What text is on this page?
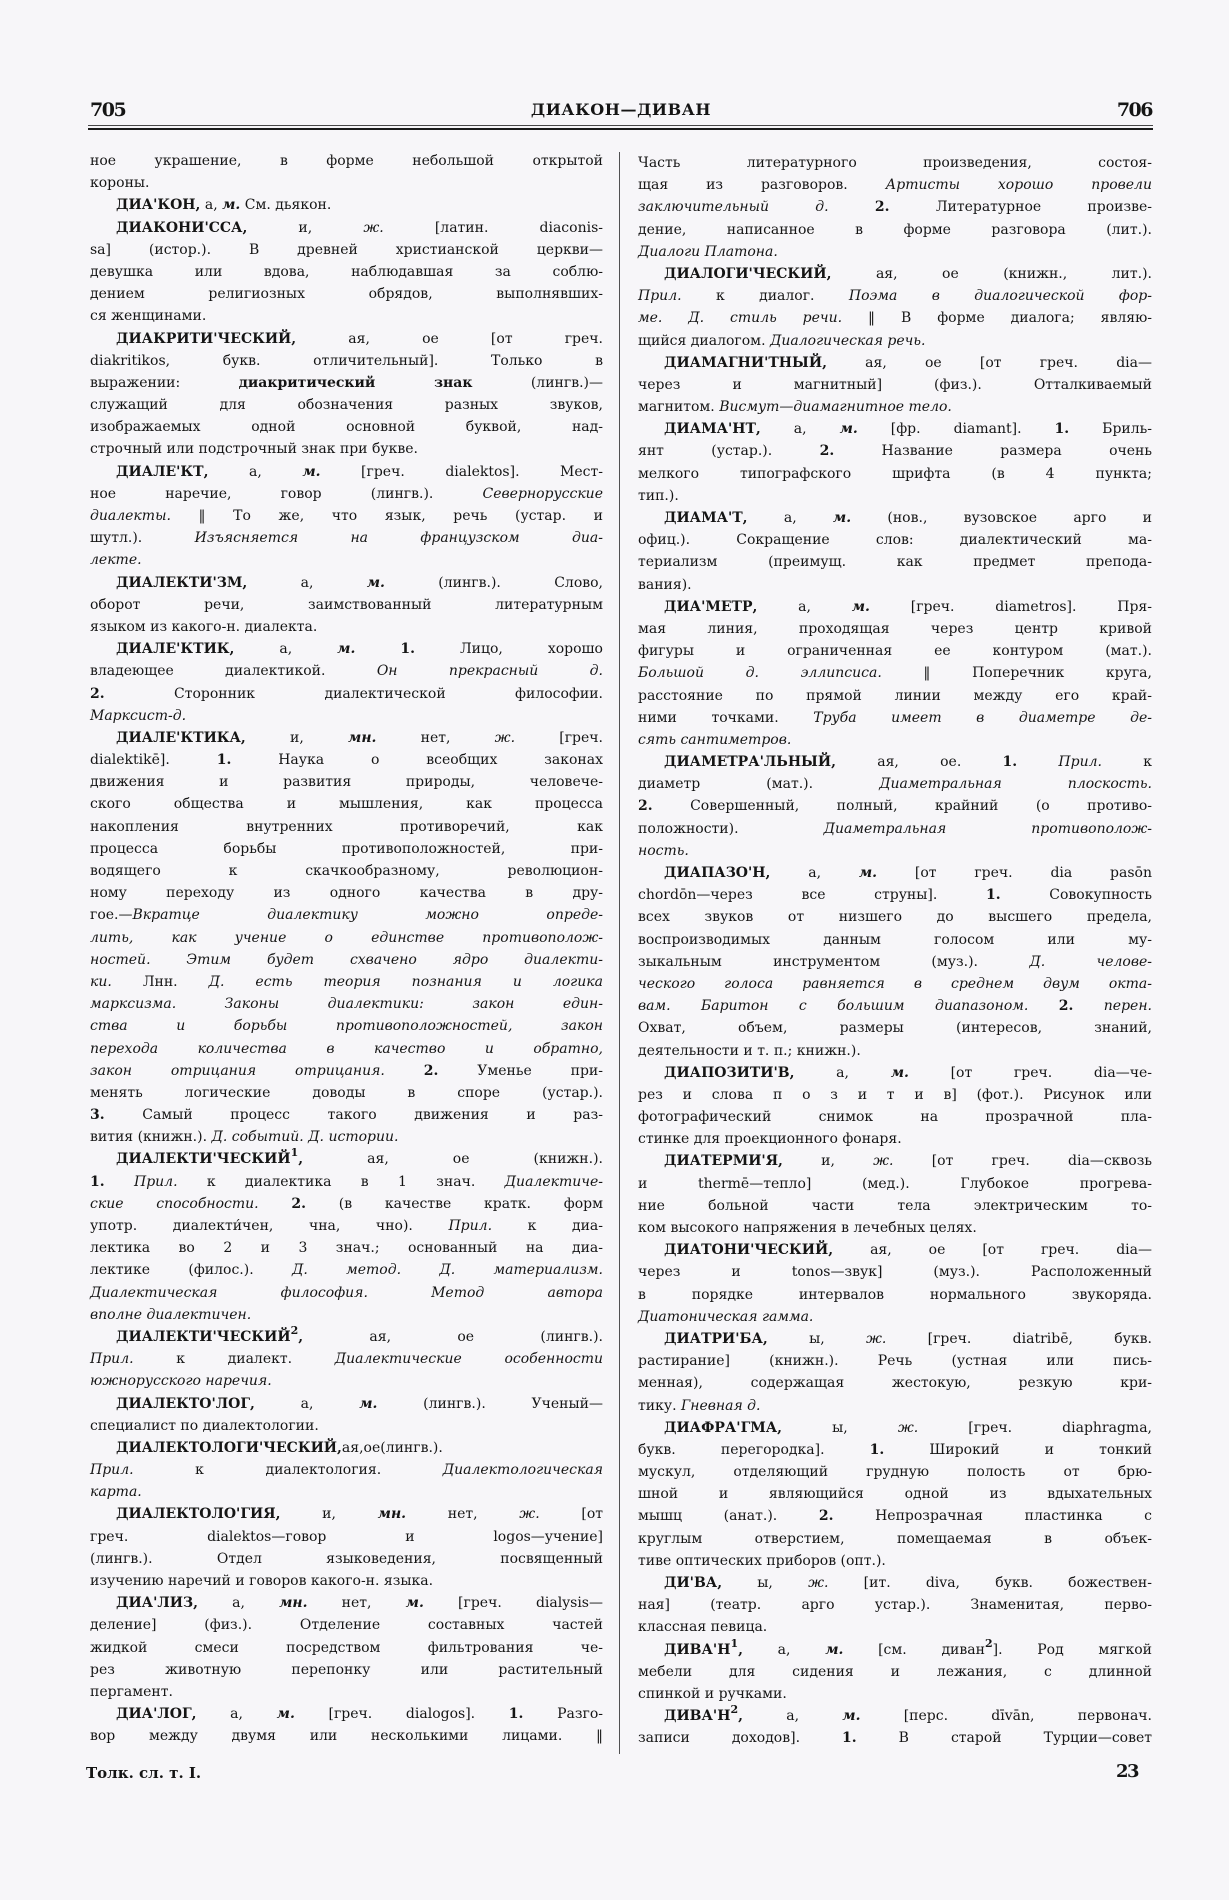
705	ДИАКОН—ДИВАН	706
ное украшение, в форме небольшой открытой
короны.
ДИА'КОН, а, м. См. дьякон.
ДИАКОНИ'ССА, и, ж. [латин. diaconis-
sa] (истор.). В древней христианской церкви—
девушка или вдова, наблюдавшая за соблю-
дением религиозных обрядов, выполнявших-
ся женщинами.
ДИАКРИТИ'ЧЕСКИЙ, ая, ое [от греч.
diakritikos, букв. отличительный]. Только в
выражении: диакритический знак (лингв.)—
служащий для обозначения разных звуков,
изображаемых одной основной буквой, над-
строчный или подстрочный знак при букве.
ДИАЛЕ'КТ, а, м. [греч. dialektos]. Мест-
ное наречие, говор (лингв.). Севернорусские
диалекты. ‖ То же, что язык, речь (устар. и
шутл.). Изъясняется на французском диа-
лекте.
ДИАЛЕКТИ'ЗМ, а, м. (лингв.). Слово,
оборот речи, заимствованный литературным
языком из какого-н. диалекта.
ДИАЛЕ'КТИК, а, м.	1. Лицо, хорошо
владеющее диалектикой. Он прекрасный д.
2. Сторонник диалектической философии.
Марксист-д.
ДИАЛЕ'КТИКА, и, мн. нет, ж. [греч.
dialektikē]. 1. Наука о всеобщих законах
движения и развития природы, человече-
ского общества и мышления, как процесса
накопления внутренних противоречий, как
процесса борьбы противоположностей, при-
водящего к скачкообразному, революцион-
ному переходу из одного качества в дру-
гое.—Вкратце диалектику можно опреде-
лить, как учение о единстве противополож-
ностей. Этим будет схвачено ядро диалекти-
ки. Лнн. Д. есть теория познания и логика
марксизма. Законы диалектики: закон един-
ства и борьбы противоположностей, закон
перехода количества в качество и обратно,
закон отрицания отрицания.	2. Уменье при-
менять логические доводы в споре (устар.).
3. Самый процесс такого движения и раз-
вития (книжн.). Д. событий. Д. истории.
ДИАЛЕКТИ'ЧЕСКИЙ$^1$, ая, ое (книжн.).
1. Прил. к диалектика в 1 знач. Диалектиче-
ские способности. 2. (в качестве кратк. форм
употр. диалекти́чен, чна, чно). Прил. к диа-
лектика во 2 и 3 знач.; основанный на диа-
лектике (филос.). Д. метод. Д. материализм.
Диалектическая философия. Метод автора
вполне диалектичен.
ДИАЛЕКТИ'ЧЕСКИЙ$^2$, ая, ое (лингв.).
Прил. к диалект. Диалектические особенности
южнорусского наречия.
ДИАЛЕКТО'ЛОГ, а, м. (лингв.). Ученый—
специалист по диалектологии.
ДИАЛЕКТОЛОГИ'ЧЕСКИЙ,ая,ое(лингв.).
Прил. к диалектология. Диалектологическая
карта.
ДИАЛЕКТОЛО'ГИЯ, и, мн. нет, ж. [от
греч. dialektos—говор и logos—учение]
(лингв.). Отдел языковедения, посвященный
изучению наречий и говоров какого-н. языка.
ДИА'ЛИЗ, а, мн. нет, м. [греч. dialysis—
деление] (физ.). Отделение составных частей
жидкой смеси посредством фильтрования че-
рез животную перепонку или растительный
пергамент.
ДИА'ЛОГ, а, м. [греч. dialogos]. 1. Разго-
вор между двумя или несколькими лицами. ‖
Часть литературного произведения, состоя-
щая из разговоров. Артисты хорошо провели
заключительный д.	2. Литературное произве-
дение, написанное в форме разговора (лит.).
Диалоги Платона.
ДИАЛОГИ'ЧЕСКИЙ, ая, ое (книжн., лит.).
Прил. к диалог. Поэма в диалогической фор-
ме. Д. стиль речи. ‖ В форме диалога; являю-
щийся диалогом. Диалогическая речь.
ДИАМАГНИ'ТНЫЙ, ая, ое [от греч. dia—
через и магнитный] (физ.). Отталкиваемый
магнитом. Висмут—диамагнитное тело.
ДИАМА'НТ, а, м. [фр. diamant]. 1. Бриль-
янт (устар.). 2. Название размера очень
мелкого типографского шрифта (в 4 пункта;
тип.).
ДИАМА'Т, а, м. (нов., вузовское арго и
офиц.). Сокращение слов: диалектический ма-
териализм (преимущ. как предмет препода-
вания).
ДИА'МЕТР, а, м. [греч. diametros]. Пря-
мая линия, проходящая через центр кривой
фигуры и ограниченная ее контуром (мат.).
Большой д. эллипсиса. ‖ Поперечник круга,
расстояние по прямой линии между его край-
ними точками. Труба имеет в диаметре де-
сять сантиметров.
ДИАМЕТРА'ЛЬНЫЙ, ая, ое. 1.	Прил. к
диаметр (мат.). Диаметральная плоскость.
2. Совершенный, полный, крайний (о противо-
положности). Диаметральная противополож-
ность.
ДИАПАЗО'Н, а, м. [от греч. dia pasōn
chordōn—через все струны]. 1. Совокупность
всех звуков от низшего до высшего предела,
воспроизводимых данным голосом или му-
зыкальным инструментом (муз.). Д. челове-
ческого голоса равняется в среднем двум окта-
вам. Баритон с большим диапазоном. 2. перен.
Охват, объем, размеры (интересов, знаний,
деятельности и т. п.; книжн.).
ДИАПОЗИТИ'В, а, м. [от греч. dia—че-
рез и слова п о з и т и в] (фот.). Рисунок или
фотографический снимок на прозрачной пла-
стинке для проекционного фонаря.
ДИАТЕРМИ'Я, и, ж. [от греч. dia—сквозь
и thermē—тепло] (мед.). Глубокое прогрева-
ние больной части тела электрическим то-
ком высокого напряжения в лечебных целях.
ДИАТОНИ'ЧЕСКИЙ, ая, ое [от греч. dia—
через и tonos—звук] (муз.). Расположенный
в порядке интервалов нормального звукоряда.
Диатоническая гамма.
ДИАТРИ'БА, ы, ж. [греч. diatribē, букв.
растирание] (книжн.). Речь (устная или пись-
менная), содержащая жестокую, резкую кри-
тику. Гневная д.
ДИАФРА'ГМА, ы, ж. [греч. diaphragma,
букв. перегородка]. 1. Широкий и тонкий
мускул, отделяющий грудную полость от брю-
шной и являющийся одной из вдыхательных
мышц (анат.). 2. Непрозрачная пластинка с
круглым отверстием, помещаемая в объек-
тиве оптических приборов (опт.).
ДИ'ВА, ы, ж. [ит. diva, букв. божествен-
ная] (театр. арго устар.). Знаменитая, перво-
классная певица.
$ДИВА'Н^1$, а, м. [см. диван$^2$]. Род мягкой
мебели для сидения и лежания, с длинной
спинкой и ручками.
$ДИВА'Н^2$, а, м. [перс. dīvān, первонач.
записи доходов]. 1. В старой Турции—совет
Толк. сл. т. I.	23
